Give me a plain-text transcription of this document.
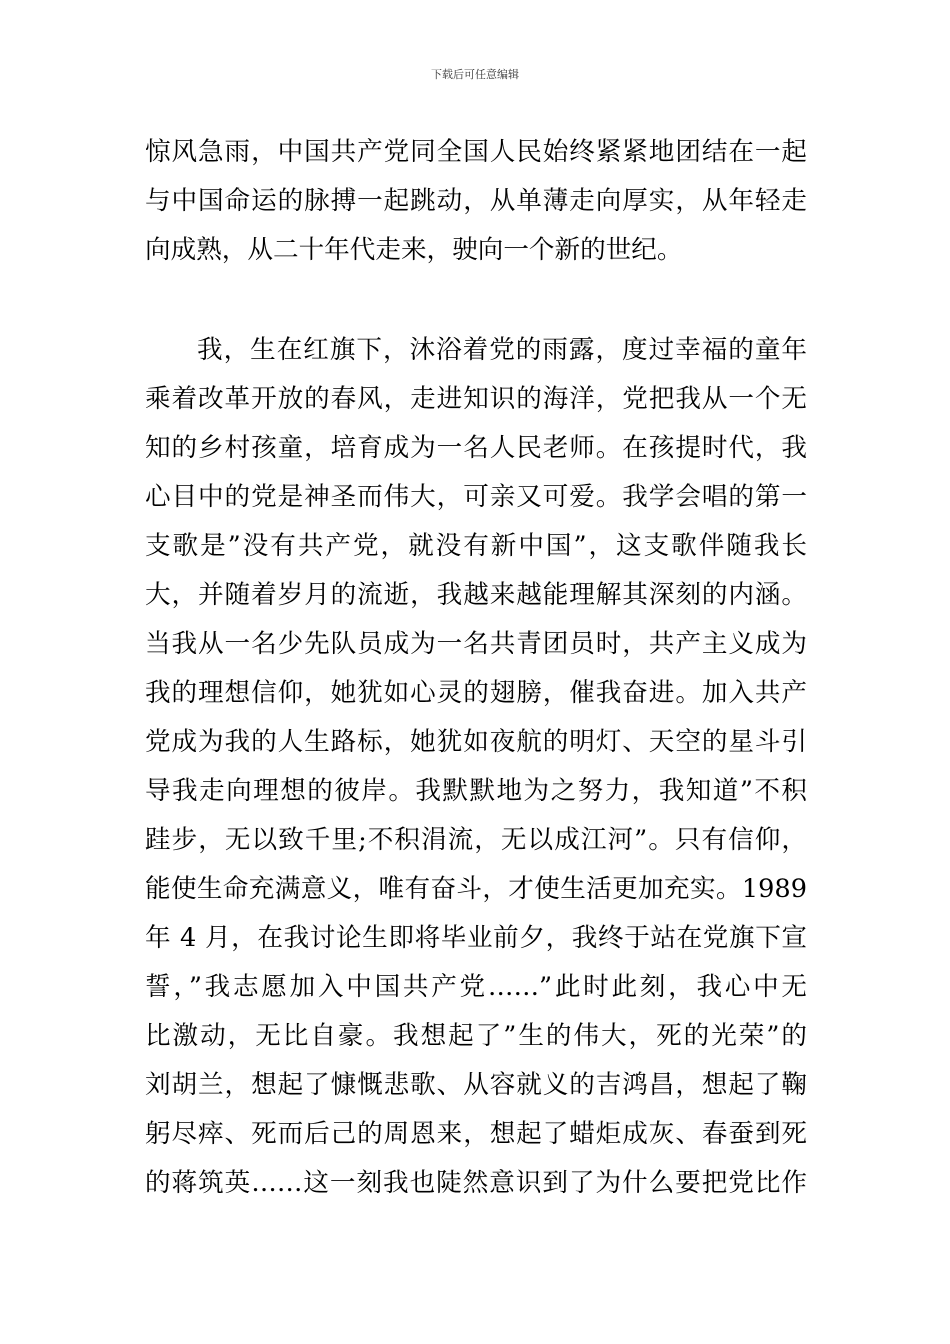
下载后可任意编辑
惊风急雨，中国共产党同全国人民始终紧紧地团结在一起
与中国命运的脉搏一起跳动，从单薄走向厚实，从年轻走
向成熟，从二十年代走来，驶向一个新的世纪。
我，生在红旗下，沐浴着党的雨露，度过幸福的童年
乘着改革开放的春风，走进知识的海洋，党把我从一个无
知的乡村孩童，培育成为一名人民老师。在孩提时代，我
心目中的党是神圣而伟大，可亲又可爱。我学会唱的第一
支歌是”没有共产党，就没有新中国”，这支歌伴随我长
大，并随着岁月的流逝，我越来越能理解其深刻的内涵。
当我从一名少先队员成为一名共青团员时，共产主义成为
我的理想信仰，她犹如心灵的翅膀，催我奋进。加入共产
党成为我的人生路标，她犹如夜航的明灯、天空的星斗引
导我走向理想的彼岸。我默默地为之努力，我知道”不积
跬步，无以致千里;不积涓流，无以成江河”。只有信仰，
能使生命充满意义，唯有奋斗，才使生活更加充实。1989
年 4 月，在我讨论生即将毕业前夕，我终于站在党旗下宣
誓，”我志愿加入中国共产党……”此时此刻，我心中无
比激动，无比自豪。我想起了”生的伟大，死的光荣”的
刘胡兰，想起了慷慨悲歌、从容就义的吉鸿昌，想起了鞠
躬尽瘁、死而后己的周恩来，想起了蜡炬成灰、春蚕到死
的蒋筑英……这一刻我也陡然意识到了为什么要把党比作
